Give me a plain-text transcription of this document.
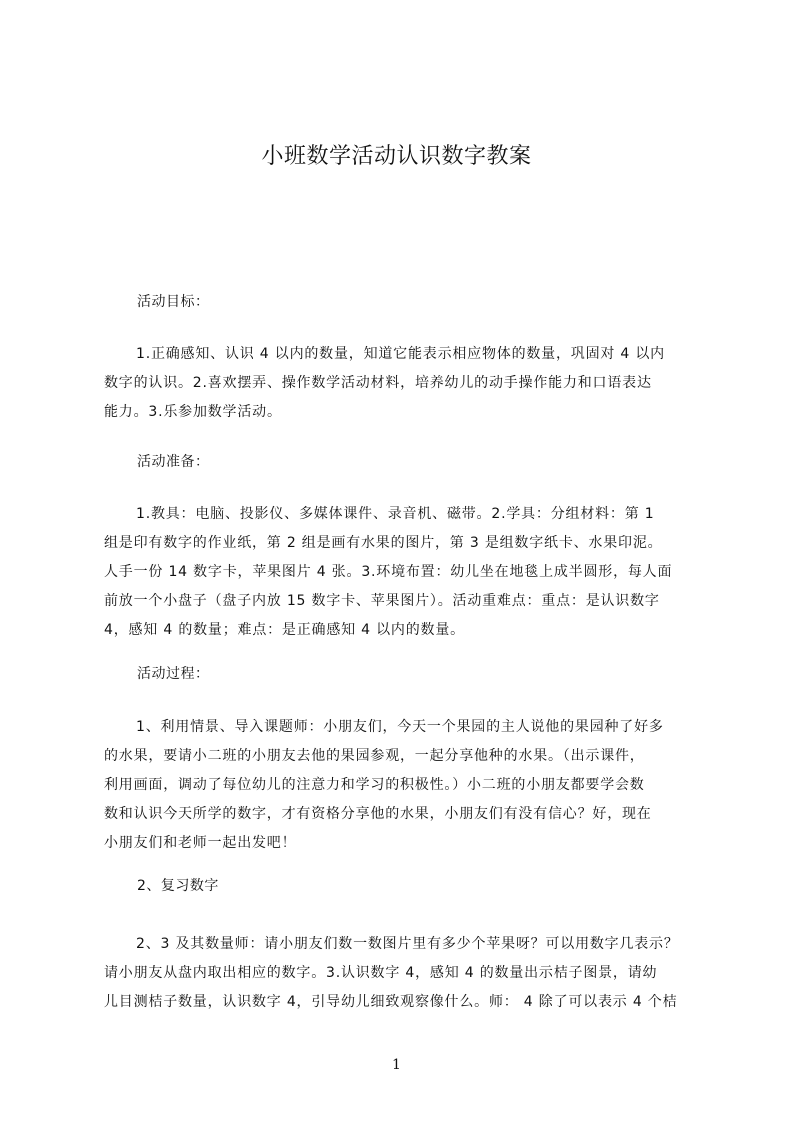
小班数学活动认识数字教案
活动目标：

1.正确感知、认识 4 以内的数量，知道它能表示相应物体的数量，巩固对 4 以内
数字的认识。2.喜欢摆弄、操作数学活动材料，培养幼儿的动手操作能力和口语表达
能力。3.乐参加数学活动。

活动准备：

1.教具：电脑、投影仪、多媒体课件、录音机、磁带。2.学具：分组材料：第 1
组是印有数字的作业纸，第 2 组是画有水果的图片，第 3 是组数字纸卡、水果印泥。
人手一份 14 数字卡，苹果图片 4 张。3.环境布置：幼儿坐在地毯上成半圆形，每人面
前放一个小盘子（盘子内放 15 数字卡、苹果图片）。活动重难点：重点：是认识数字
4，感知 4 的数量；难点：是正确感知 4 以内的数量。

活动过程：

1、利用情景、导入课题师：小朋友们，今天一个果园的主人说他的果园种了好多
的水果，要请小二班的小朋友去他的果园参观，一起分享他种的水果。（出示课件，
利用画面，调动了每位幼儿的注意力和学习的积极性。）小二班的小朋友都要学会数
数和认识今天所学的数字，才有资格分享他的水果，小朋友们有没有信心？好，现在
小朋友们和老师一起出发吧！

2、复习数字

2、3 及其数量师：请小朋友们数一数图片里有多少个苹果呀？可以用数字几表示？
请小朋友从盘内取出相应的数字。3.认识数字 4，感知 4 的数量出示桔子图景，请幼
儿目测桔子数量，认识数字 4，引导幼儿细致观察像什么。师： 4 除了可以表示 4 个桔

1
